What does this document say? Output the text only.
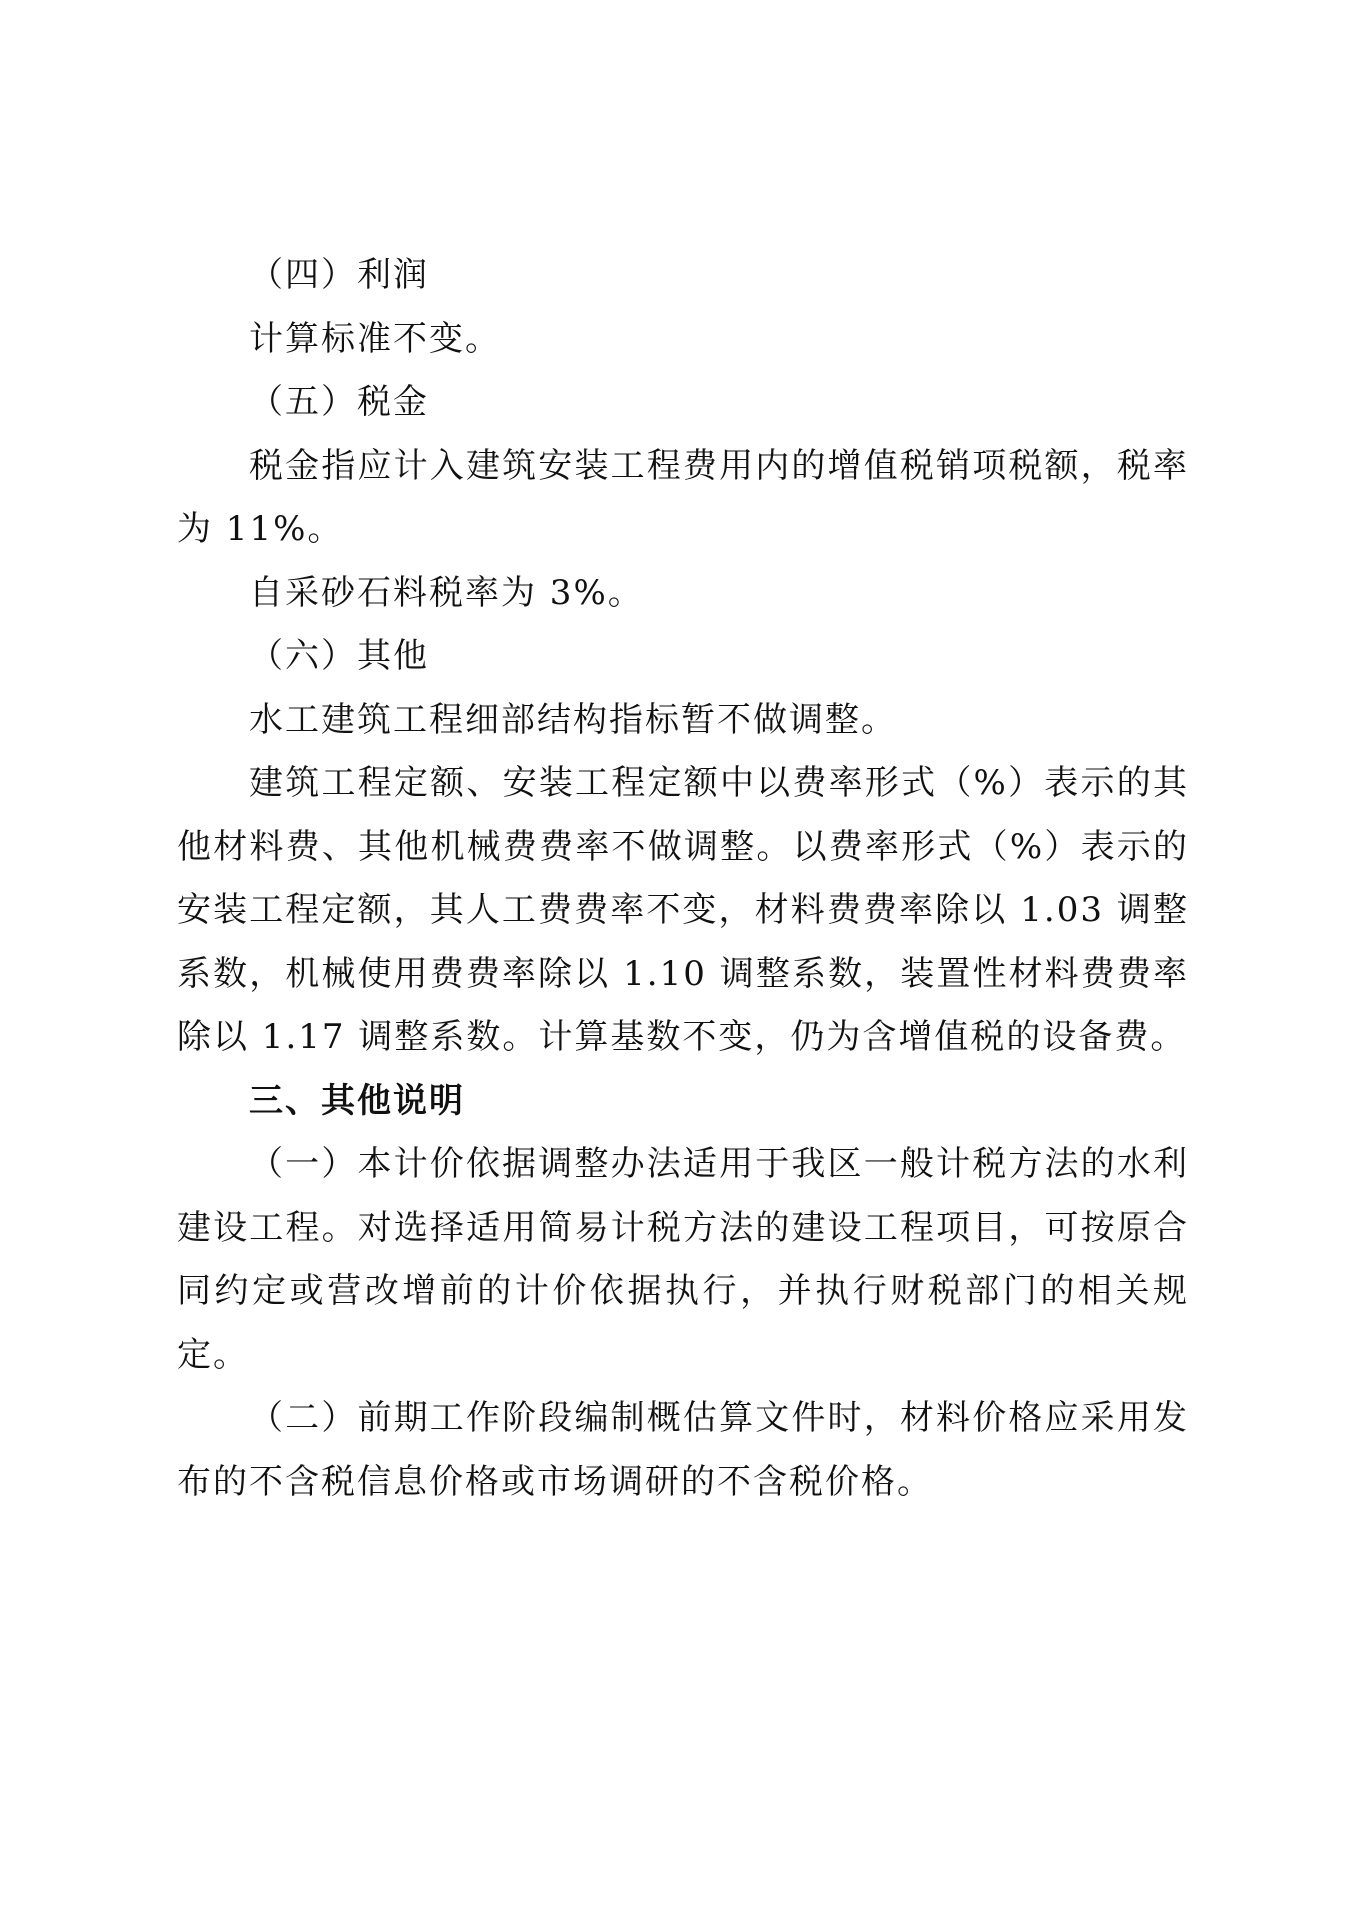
（四）利润

计算标准不变。

（五）税金

税金指应计入建筑安装工程费用内的增值税销项税额，税率为 11%。

自采砂石料税率为 3%。

（六）其他

水工建筑工程细部结构指标暂不做调整。

建筑工程定额、安装工程定额中以费率形式（%）表示的其他材料费、其他机械费费率不做调整。以费率形式（%）表示的安装工程定额，其人工费费率不变，材料费费率除以 1.03 调整系数，机械使用费费率除以 1.10 调整系数，装置性材料费费率除以 1.17 调整系数。计算基数不变，仍为含增值税的设备费。

三、其他说明

（一）本计价依据调整办法适用于我区一般计税方法的水利建设工程。对选择适用简易计税方法的建设工程项目，可按原合同约定或营改增前的计价依据执行，并执行财税部门的相关规定。

（二）前期工作阶段编制概估算文件时，材料价格应采用发布的不含税信息价格或市场调研的不含税价格。
